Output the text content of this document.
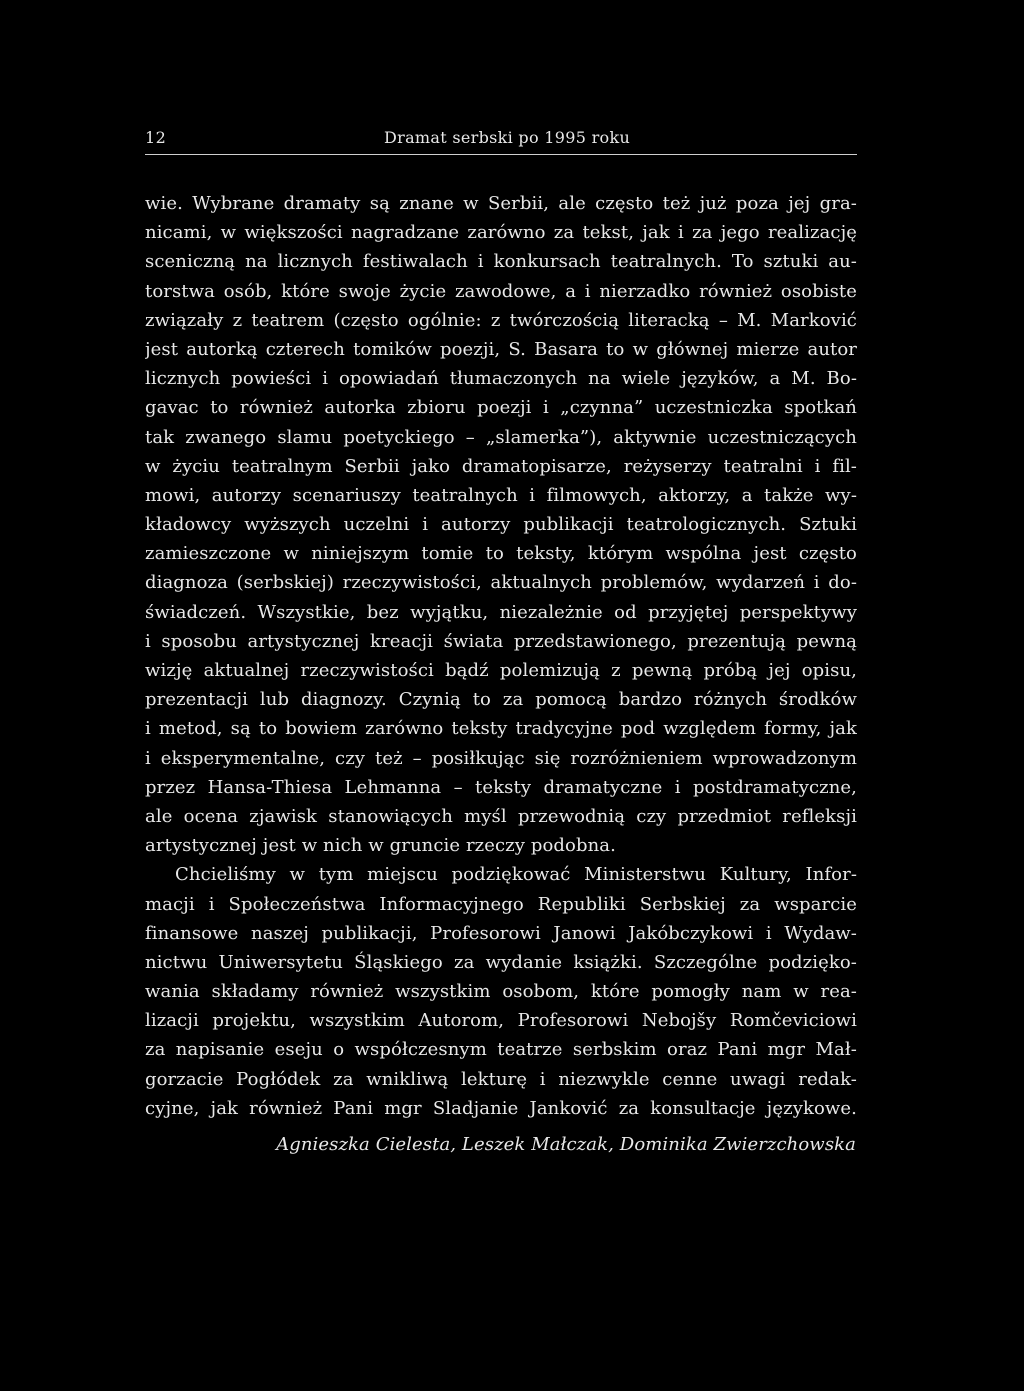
12	Dramat serbski po 1995 roku
wie. Wybrane dramaty są znane w Serbii, ale często też już poza jej gra-
nicami, w większości nagradzane zarówno za tekst, jak i za jego realizację
sceniczną na licznych festiwalach i konkursach teatralnych. To sztuki au-
torstwa osób, które swoje życie zawodowe, a i nierzadko również osobiste
związały z teatrem (często ogólnie: z twórczością literacką – M. Marković
jest autorką czterech tomików poezji, S. Basara to w głównej mierze autor
licznych powieści i opowiadań tłumaczonych na wiele języków, a M. Bo-
gavac to również autorka zbioru poezji i „czynna” uczestniczka spotkań
tak zwanego slamu poetyckiego – „slamerka”), aktywnie uczestniczących
w życiu teatralnym Serbii jako dramatopisarze, reżyserzy teatralni i fil-
mowi, autorzy scenariuszy teatralnych i filmowych, aktorzy, a także wy-
kładowcy wyższych uczelni i autorzy publikacji teatrologicznych. Sztuki
zamieszczone w niniejszym tomie to teksty, którym wspólna jest często
diagnoza (serbskiej) rzeczywistości, aktualnych problemów, wydarzeń i do-
świadczeń. Wszystkie, bez wyjątku, niezależnie od przyjętej perspektywy
i sposobu artystycznej kreacji świata przedstawionego, prezentują pewną
wizję aktualnej rzeczywistości bądź polemizują z pewną próbą jej opisu,
prezentacji lub diagnozy. Czynią to za pomocą bardzo różnych środków
i metod, są to bowiem zarówno teksty tradycyjne pod względem formy, jak
i eksperymentalne, czy też – posiłkując się rozróżnieniem wprowadzonym
przez Hansa-Thiesa Lehmanna – teksty dramatyczne i postdramatyczne,
ale ocena zjawisk stanowiących myśl przewodnią czy przedmiot refleksji
artystycznej jest w nich w gruncie rzeczy podobna.
Chcieliśmy w tym miejscu podziękować Ministerstwu Kultury, Infor-
macji i Społeczeństwa Informacyjnego Republiki Serbskiej za wsparcie
finansowe naszej publikacji, Profesorowi Janowi Jakóbczykowi i Wydaw-
nictwu Uniwersytetu Śląskiego za wydanie książki. Szczególne podzięko-
wania składamy również wszystkim osobom, które pomogły nam w rea-
lizacji projektu, wszystkim Autorom, Profesorowi Nebojšy Romčeviciowi
za napisanie eseju o współczesnym teatrze serbskim oraz Pani mgr Mał-
gorzacie Pogłódek za wnikliwą lekturę i niezwykle cenne uwagi redak-
cyjne, jak również Pani mgr Sladjanie Janković za konsultacje językowe.
Agnieszka Cielesta, Leszek Małczak, Dominika Zwierzchowska
